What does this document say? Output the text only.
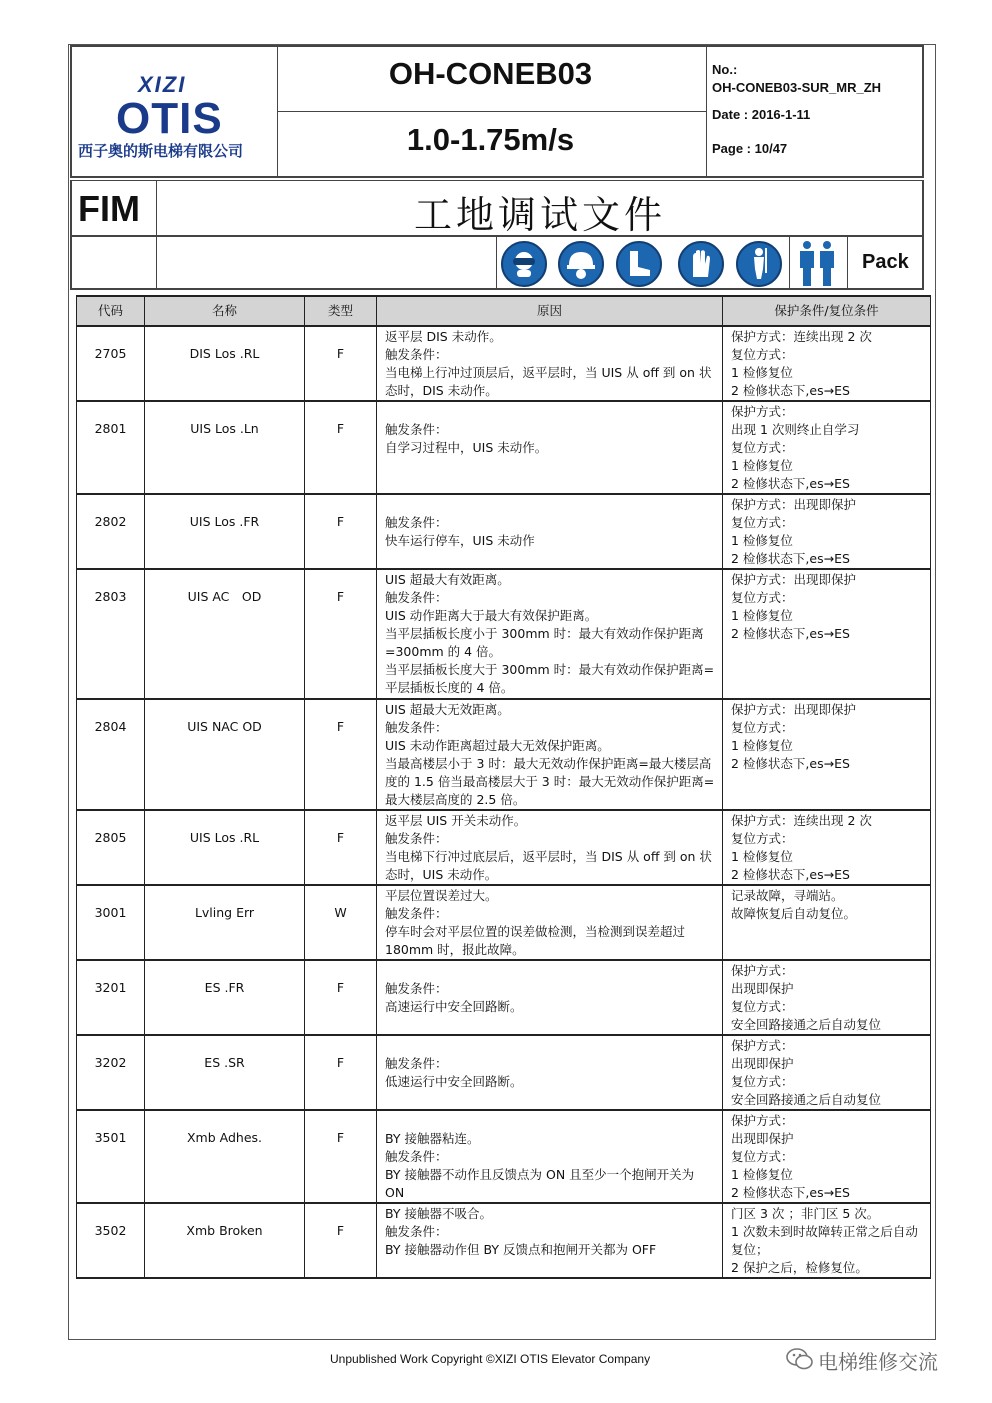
XIZI
OTIS
西子奥的斯电梯有限公司
OH-CONEB03
1.0-1.75m/s
No.:
OH-CONEB03-SUR_MR_ZH
Date : 2016-1-11
Page : 10/47
FIM	工地调试文件
Pack
代码	名称	类型	原因	保护条件/复位条件
2705	DIS Los .RL	F	返平层 DIS 未动作。
触发条件：
当电梯上行冲过顶层后，返平层时，当 UIS 从 off 到 on 状态时，DIS 未动作。	保护方式：连续出现 2 次
复位方式：
1 检修复位
2 检修状态下,es→ES

2801	UIS Los .Ln	F	触发条件：
自学习过程中，UIS 未动作。	保护方式：
出现 1 次则终止自学习
复位方式：
1 检修复位
2 检修状态下,es→ES

2802	UIS Los .FR	F	触发条件：
快车运行停车，UIS 未动作	保护方式：出现即保护
复位方式：
1 检修复位
2 检修状态下,es→ES

2803	UIS AC　OD	F	UIS 超最大有效距离。
触发条件：
UIS 动作距离大于最大有效保护距离。
当平层插板长度小于 300mm 时：最大有效动作保护距离=300mm 的 4 倍。
当平层插板长度大于 300mm 时：最大有效动作保护距离=平层插板长度的 4 倍。	保护方式：出现即保护
复位方式：
1 检修复位
2 检修状态下,es→ES

2804	UIS NAC OD	F	UIS 超最大无效距离。
触发条件：
UIS 未动作距离超过最大无效保护距离。
当最高楼层小于 3 时：最大无效动作保护距离=最大楼层高度的 1.5 倍当最高楼层大于 3 时：最大无效动作保护距离=最大楼层高度的 2.5 倍。	保护方式：出现即保护
复位方式：
1 检修复位
2 检修状态下,es→ES

2805	UIS Los .RL	F	返平层 UIS 开关未动作。
触发条件：
当电梯下行冲过底层后，返平层时，当 DIS 从 off 到 on 状态时，UIS 未动作。	保护方式：连续出现 2 次
复位方式：
1 检修复位
2 检修状态下,es→ES

3001	Lvling Err	W	平层位置误差过大。
触发条件：
停车时会对平层位置的误差做检测，当检测到误差超过 180mm 时，报此故障。	记录故障，寻端站。
故障恢复后自动复位。

3201	ES .FR	F	触发条件：
高速运行中安全回路断。	保护方式：
出现即保护
复位方式：
安全回路接通之后自动复位

3202	ES .SR	F	触发条件：
低速运行中安全回路断。	保护方式：
出现即保护
复位方式：
安全回路接通之后自动复位

3501	Xmb Adhes.	F	BY 接触器粘连。
触发条件：
BY 接触器不动作且反馈点为 ON 且至少一个抱闸开关为 ON	保护方式：
出现即保护
复位方式：
1 检修复位
2 检修状态下,es→ES

3502	Xmb Broken	F	BY 接触器不吸合。
触发条件：
BY 接触器动作但 BY 反馈点和抱闸开关都为 OFF	门区 3 次 ；非门区 5 次。
1 次数未到时故障转正常之后自动复位；
2 保护之后，检修复位。
Unpublished Work Copyright ©XIZI OTIS Elevator Company	电梯维修交流
